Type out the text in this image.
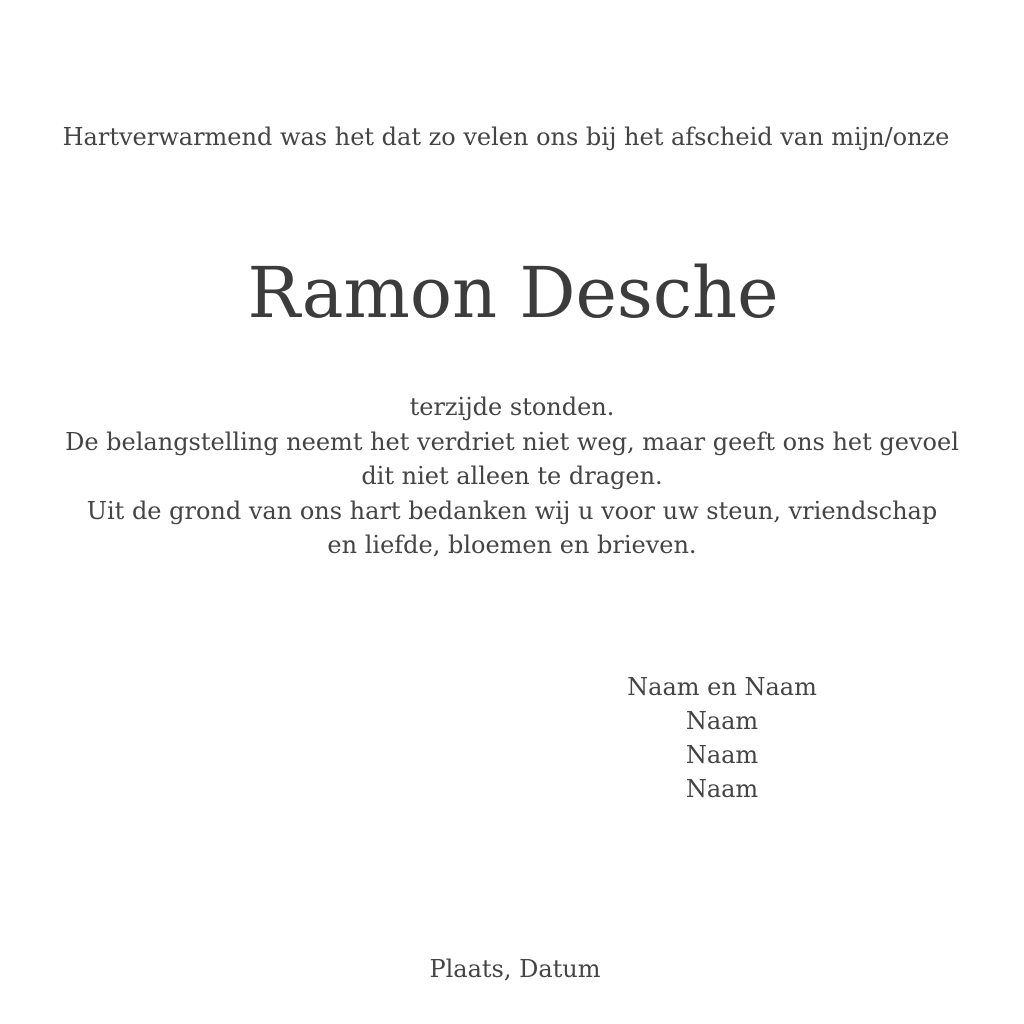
Hartverwarmend was het dat zo velen ons bij het afscheid van mijn/onze
Ramon Desche
terzijde stonden.
De belangstelling neemt het verdriet niet weg, maar geeft ons het gevoel
dit niet alleen te dragen.
Uit de grond van ons hart bedanken wij u voor uw steun, vriendschap
en liefde, bloemen en brieven.
Naam en Naam
Naam
Naam
Naam
Plaats, Datum
